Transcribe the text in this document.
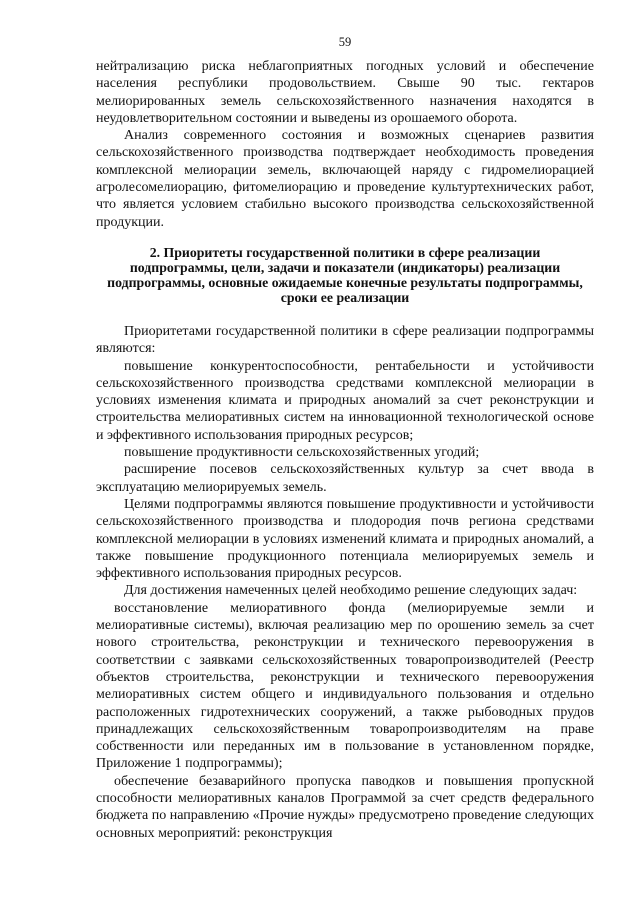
59

нейтрализацию риска неблагоприятных погодных условий и обеспечение населения республики продовольствием. Свыше 90 тыс. гектаров мелиорированных земель сельскохозяйственного назначения находятся в неудовлетворительном состоянии и выведены из орошаемого оборота.

Анализ современного состояния и возможных сценариев развития сельскохозяйственного производства подтверждает необходимость проведения комплексной мелиорации земель, включающей наряду с гидромелиорацией агролесомелиорацию, фитомелиорацию и проведение культуртехнических работ, что является условием стабильно высокого производства сельскохозяйственной продукции.

2. Приоритеты государственной политики в сфере реализации подпрограммы, цели, задачи и показатели (индикаторы) реализации подпрограммы, основные ожидаемые конечные результаты подпрограммы, сроки ее реализации

Приоритетами государственной политики в сфере реализации подпрограммы являются:

повышение конкурентоспособности, рентабельности и устойчивости сельскохозяйственного производства средствами комплексной мелиорации в условиях изменения климата и природных аномалий за счет реконструкции и строительства мелиоративных систем на инновационной технологической основе и эффективного использования природных ресурсов;

повышение продуктивности сельскохозяйственных угодий;

расширение посевов сельскохозяйственных культур за счет ввода в эксплуатацию мелиорируемых земель.

Целями подпрограммы являются повышение продуктивности и устойчивости сельскохозяйственного производства и плодородия почв региона средствами комплексной мелиорации в условиях изменений климата и природных аномалий, а также повышение продукционного потенциала мелиорируемых земель и эффективного использования природных ресурсов.

Для достижения намеченных целей необходимо решение следующих задач:

восстановление мелиоративного фонда (мелиорируемые земли и мелиоративные системы), включая реализацию мер по орошению земель за счет нового строительства, реконструкции и технического перевооружения в соответствии с заявками сельскохозяйственных товаропроизводителей (Реестр объектов строительства, реконструкции и технического перевооружения мелиоративных систем общего и индивидуального пользования и отдельно расположенных гидротехнических сооружений, а также рыбоводных прудов принадлежащих сельскохозяйственным товаропроизводителям на праве собственности или переданных им в пользование в установленном порядке, Приложение 1 подпрограммы);

обеспечение безаварийного пропуска паводков и повышения пропускной способности мелиоративных каналов Программой за счет средств федерального бюджета по направлению «Прочие нужды» предусмотрено проведение следующих основных мероприятий: реконструкция
